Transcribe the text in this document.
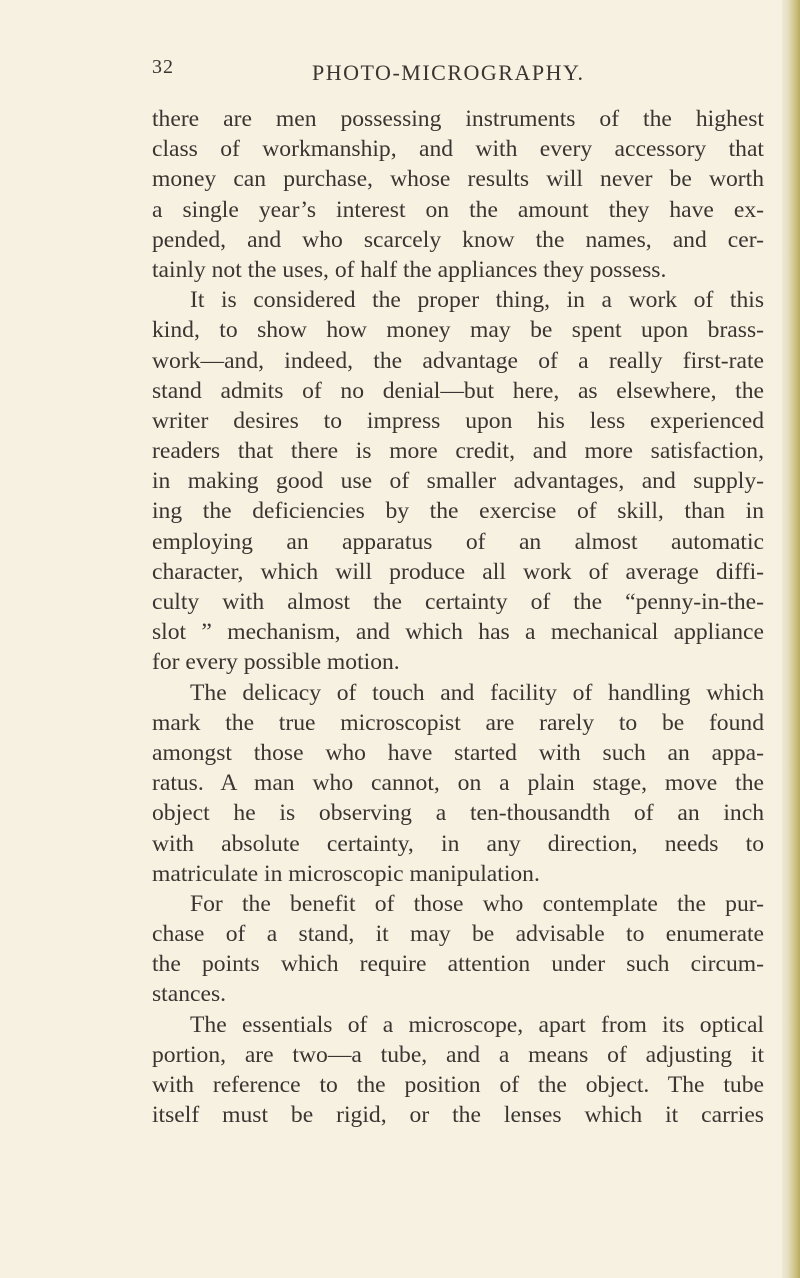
32	PHOTO-MICROGRAPHY.
there are men possessing instruments of the highest
class of workmanship, and with every accessory that
money can purchase, whose results will never be worth
a single year’s interest on the amount they have ex-
pended, and who scarcely know the names, and cer-
tainly not the uses, of half the appliances they possess.
It is considered the proper thing, in a work of this
kind, to show how money may be spent upon brass-
work—and, indeed, the advantage of a really first-rate
stand admits of no denial—but here, as elsewhere, the
writer desires to impress upon his less experienced
readers that there is more credit, and more satisfaction,
in making good use of smaller advantages, and supply-
ing the deficiencies by the exercise of skill, than in
employing an apparatus of an almost automatic
character, which will produce all work of average diffi-
culty with almost the certainty of the “penny-in-the-
slot ” mechanism, and which has a mechanical appliance
for every possible motion.
The delicacy of touch and facility of handling which
mark the true microscopist are rarely to be found
amongst those who have started with such an appa-
ratus. A man who cannot, on a plain stage, move the
object he is observing a ten-thousandth of an inch
with absolute certainty, in any direction, needs to
matriculate in microscopic manipulation.
For the benefit of those who contemplate the pur-
chase of a stand, it may be advisable to enumerate
the points which require attention under such circum-
stances.
The essentials of a microscope, apart from its optical
portion, are two—a tube, and a means of adjusting it
with reference to the position of the object. The tube
itself must be rigid, or the lenses which it carries
